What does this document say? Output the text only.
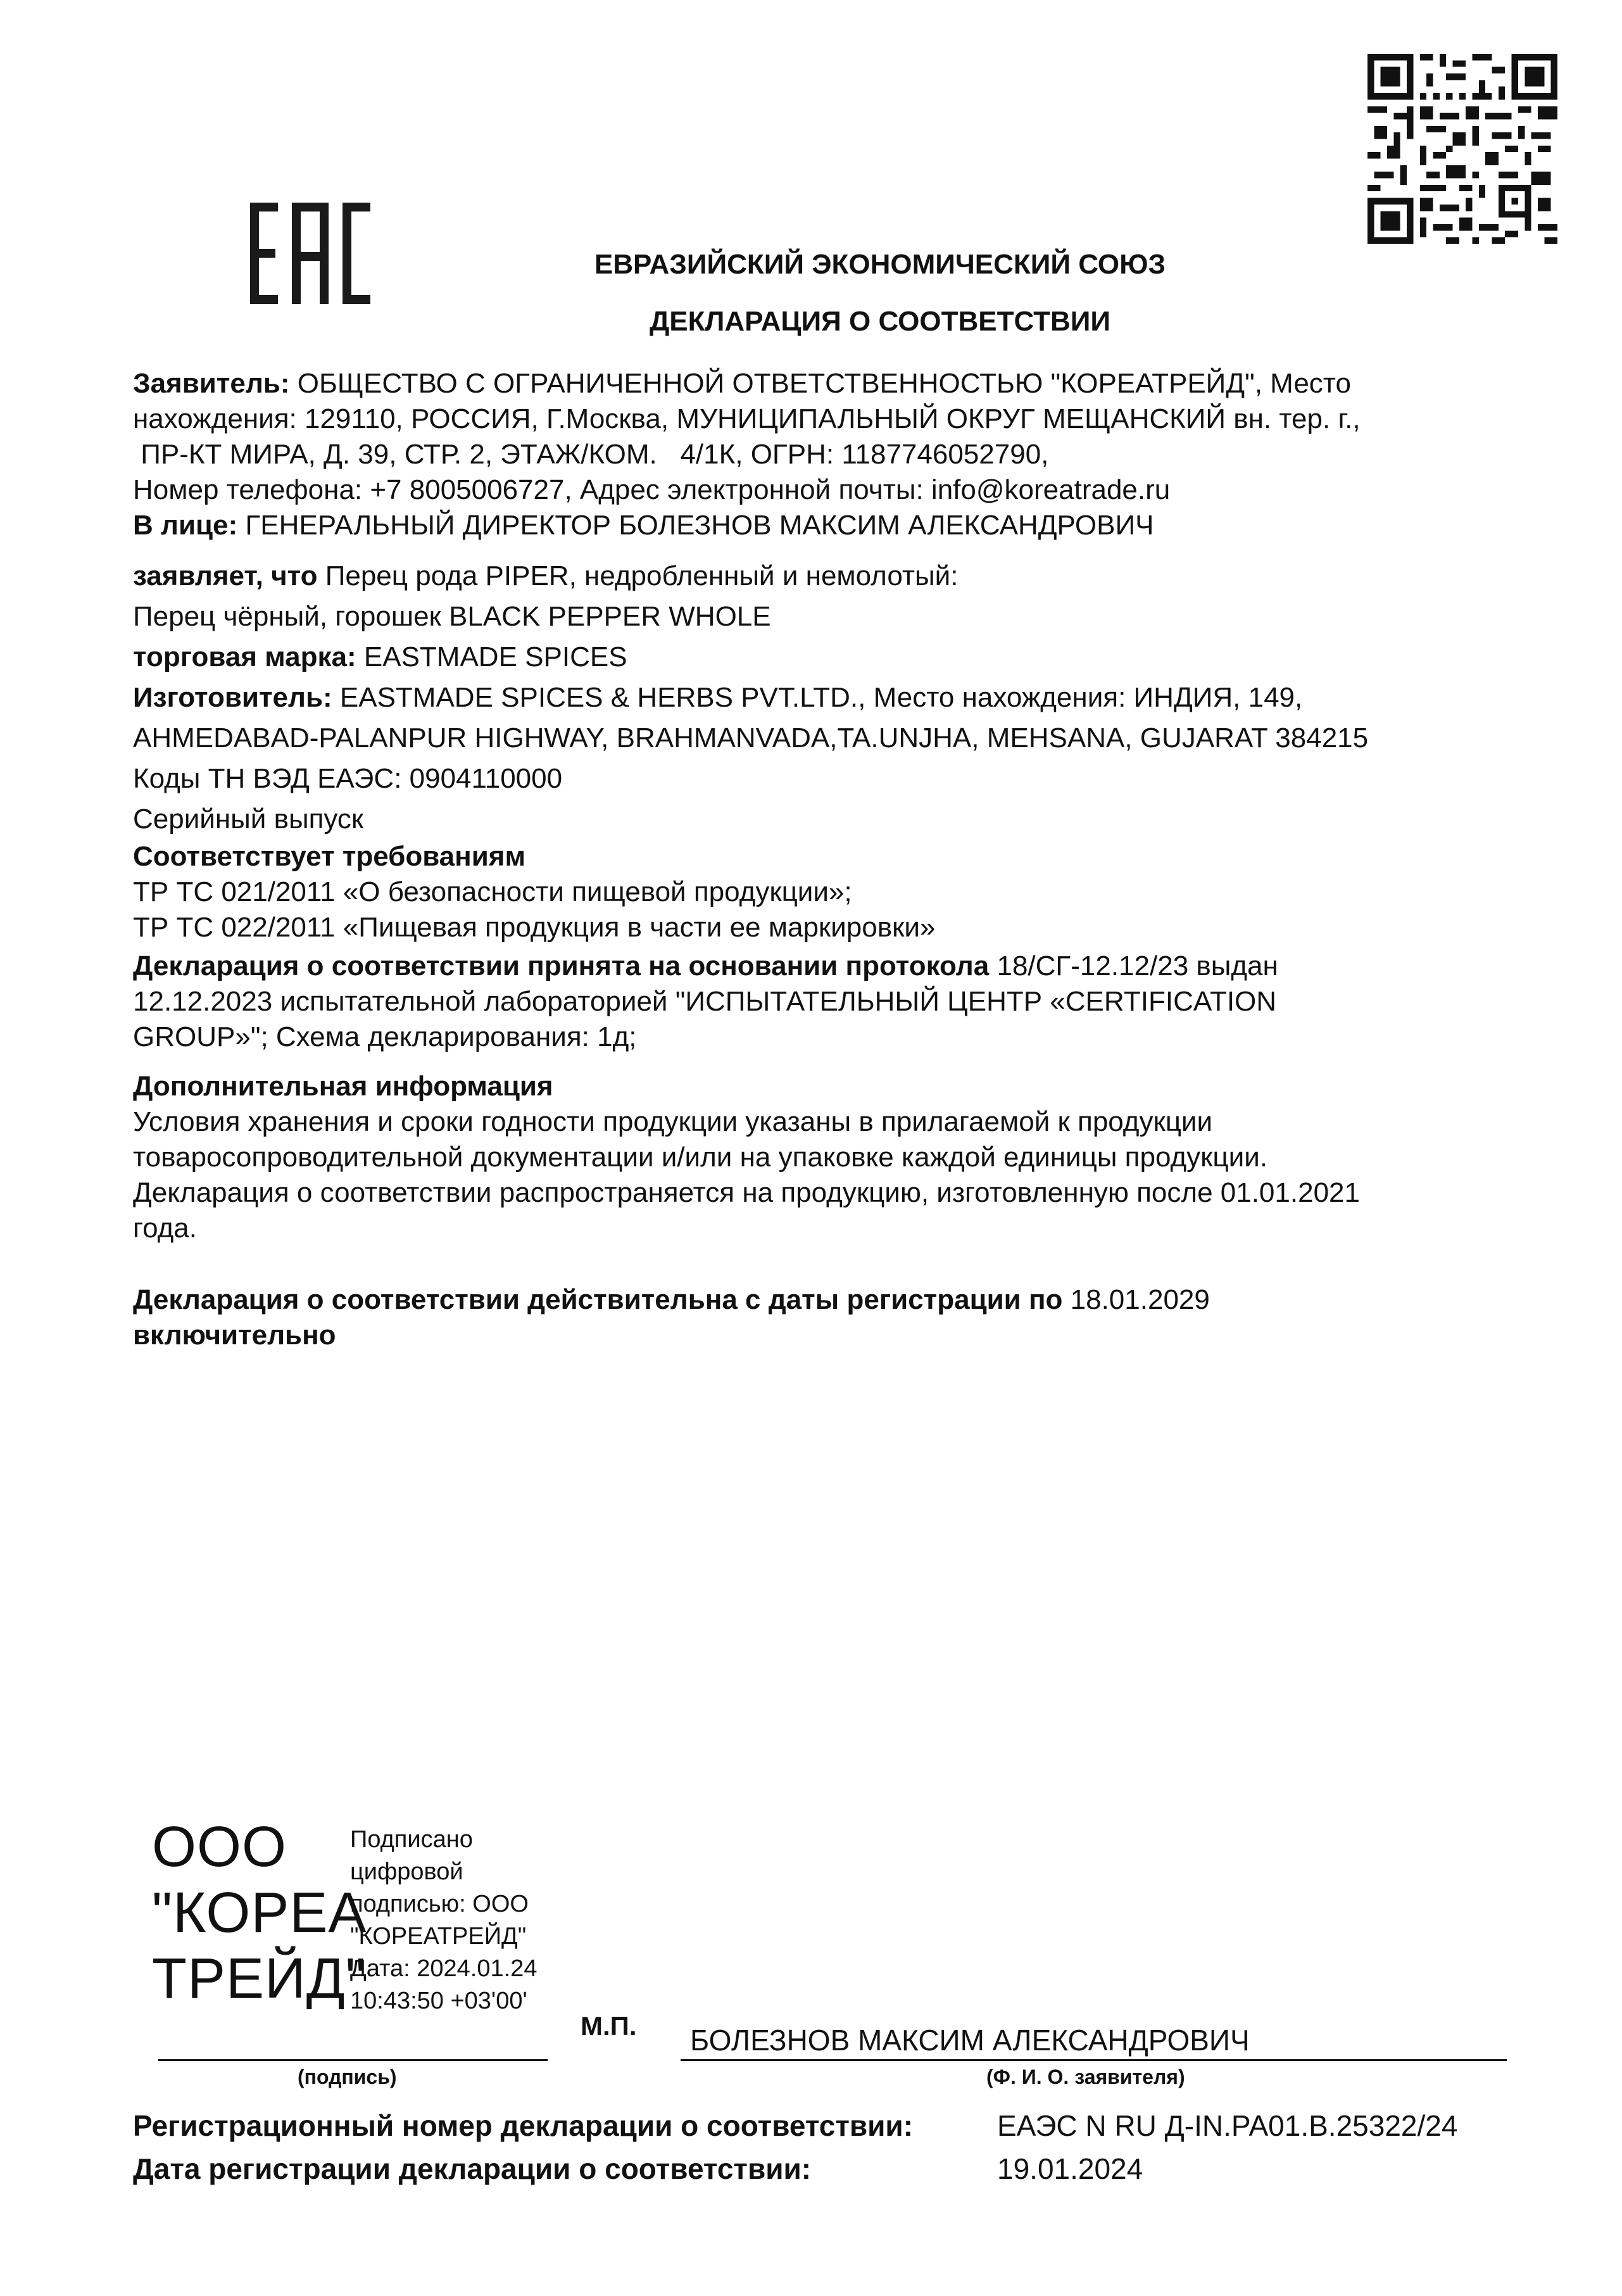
ЕВРАЗИЙСКИЙ ЭКОНОМИЧЕСКИЙ СОЮЗ
ДЕКЛАРАЦИЯ О СООТВЕТСТВИИ
Заявитель: ОБЩЕСТВО С ОГРАНИЧЕННОЙ ОТВЕТСТВЕННОСТЬЮ "КОРЕАТРЕЙД", Место
нахождения: 129110, РОССИЯ, Г.Москва, МУНИЦИПАЛЬНЫЙ ОКРУГ МЕЩАНСКИЙ вн. тер. г.,
ПР-КТ МИРА, Д. 39, СТР. 2, ЭТАЖ/КОМ.   4/1К, ОГРН: 1187746052790,
Номер телефона: +7 8005006727, Адрес электронной почты: info@koreatrade.ru
В лице: ГЕНЕРАЛЬНЫЙ ДИРЕКТОР БОЛЕЗНОВ МАКСИМ АЛЕКСАНДРОВИЧ
заявляет, что Перец рода PIPER, недробленный и немолотый:
Перец чёрный, горошек BLACK PEPPER WHOLE
торговая марка: EASTMADE SPICES
Изготовитель: EASTMADE SPICES & HERBS PVT.LTD., Место нахождения: ИНДИЯ, 149,
AHMEDABAD-PALANPUR HIGHWAY, BRAHMANVADA,TA.UNJHA, MEHSANA, GUJARAT 384215
Коды ТН ВЭД ЕАЭС: 0904110000
Серийный выпуск
Соответствует требованиям
ТР ТС 021/2011 «О безопасности пищевой продукции»;
ТР ТС 022/2011 «Пищевая продукция в части ее маркировки»
Декларация о соответствии принята на основании протокола 18/СГ-12.12/23 выдан
12.12.2023 испытательной лабораторией "ИСПЫТАТЕЛЬНЫЙ ЦЕНТР «CERTIFICATION
GROUP»"; Схема декларирования: 1д;
Дополнительная информация
Условия хранения и сроки годности продукции указаны в прилагаемой к продукции
товаросопроводительной документации и/или на упаковке каждой единицы продукции.
Декларация о соответствии распространяется на продукцию, изготовленную после 01.01.2021
года.
Декларация о соответствии действительна с даты регистрации по 18.01.2029
включительно
ООО
"КОРЕА
ТРЕЙД"
Подписано
цифровой
подписью: ООО
"КОРЕАТРЕЙД"
Дата: 2024.01.24
10:43:50 +03'00'
М.П. БОЛЕЗНОВ МАКСИМ АЛЕКСАНДРОВИЧ
(подпись)	(Ф. И. О. заявителя)
Регистрационный номер декларации о соответствии:	ЕАЭС N RU Д-IN.РА01.В.25322/24
Дата регистрации декларации о соответствии:	19.01.2024
